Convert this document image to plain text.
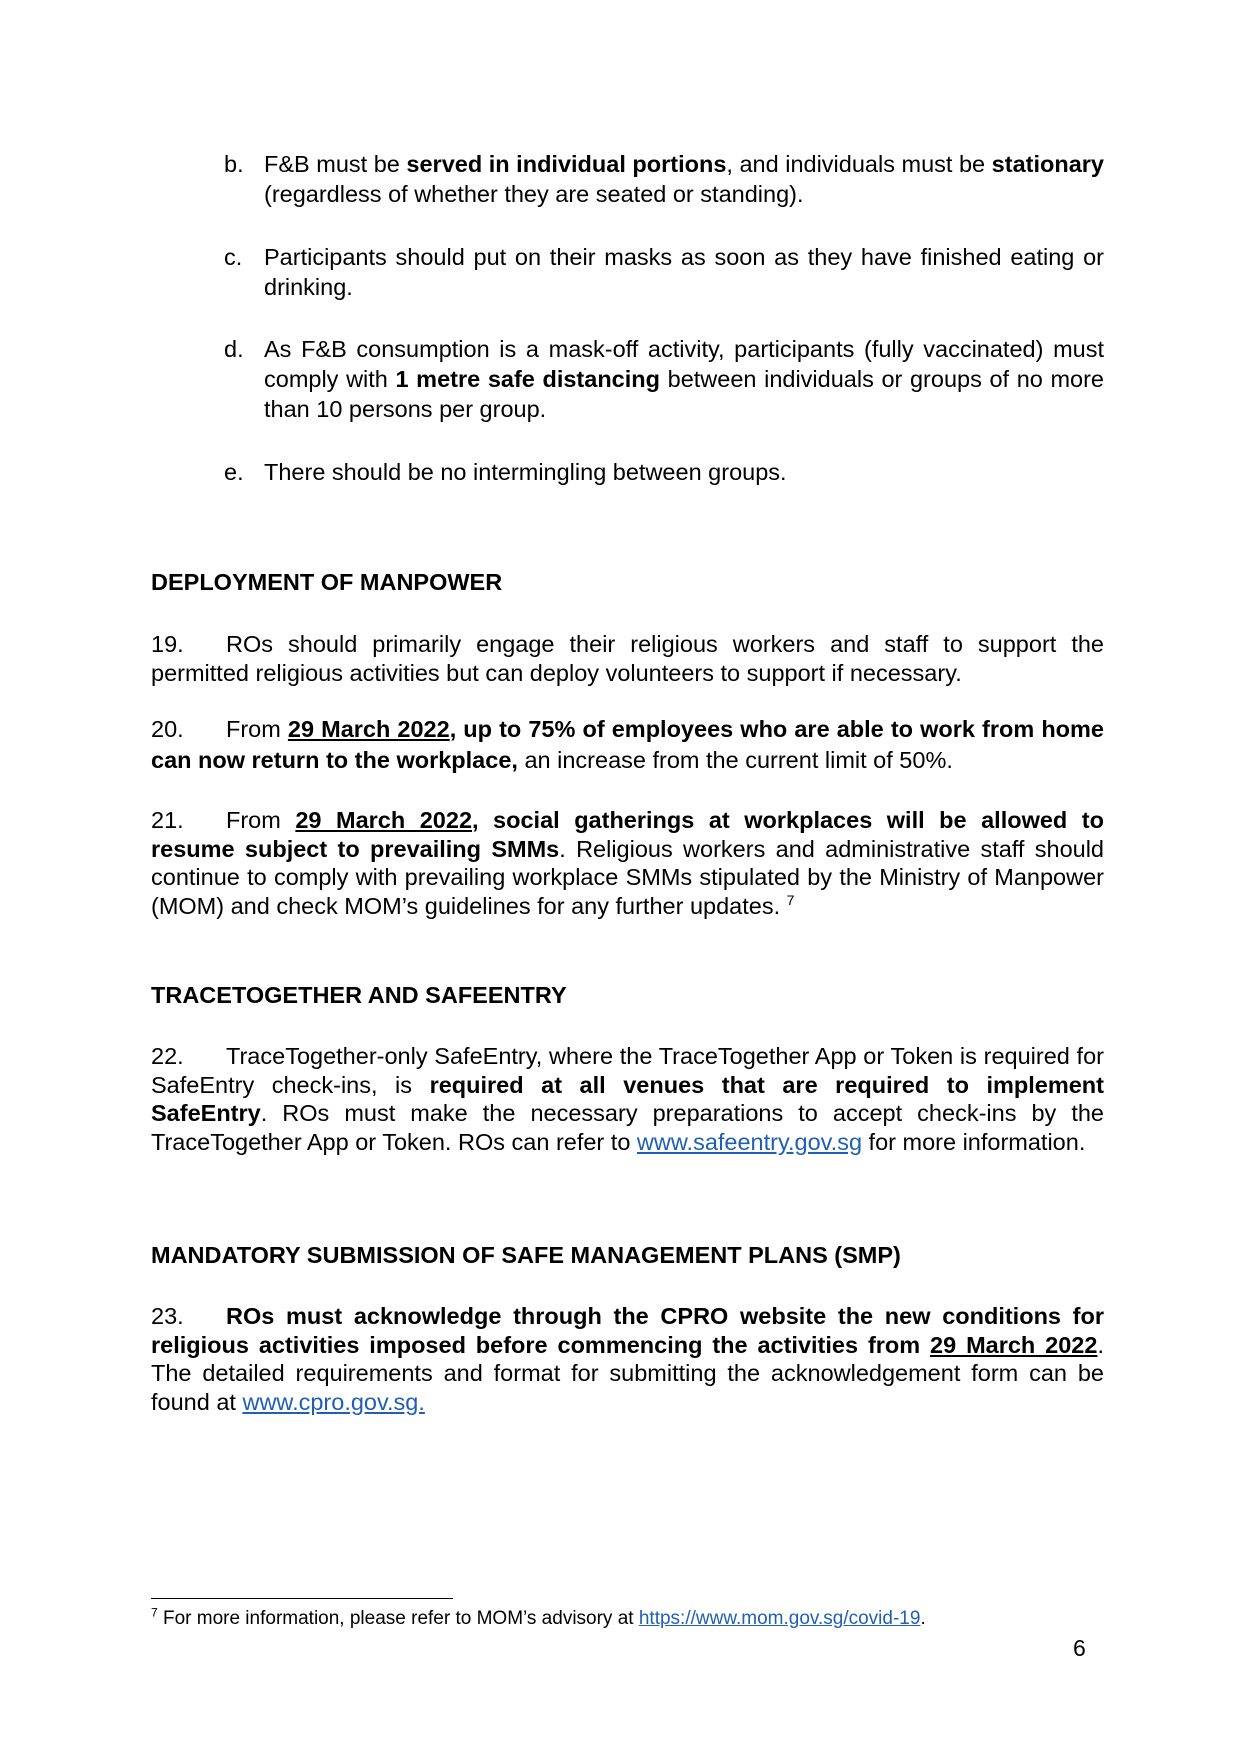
b. F&B must be served in individual portions, and individuals must be stationary (regardless of whether they are seated or standing).
c. Participants should put on their masks as soon as they have finished eating or drinking.
d. As F&B consumption is a mask-off activity, participants (fully vaccinated) must comply with 1 metre safe distancing between individuals or groups of no more than 10 persons per group.
e. There should be no intermingling between groups.
DEPLOYMENT OF MANPOWER
19. ROs should primarily engage their religious workers and staff to support the permitted religious activities but can deploy volunteers to support if necessary.
20. From 29 March 2022, up to 75% of employees who are able to work from home can now return to the workplace, an increase from the current limit of 50%.
21. From 29 March 2022, social gatherings at workplaces will be allowed to resume subject to prevailing SMMs. Religious workers and administrative staff should continue to comply with prevailing workplace SMMs stipulated by the Ministry of Manpower (MOM) and check MOM’s guidelines for any further updates. $^7$
TRACETOGETHER AND SAFEENTRY
22. TraceTogether-only SafeEntry, where the TraceTogether App or Token is required for SafeEntry check-ins, is required at all venues that are required to implement SafeEntry. ROs must make the necessary preparations to accept check-ins by the TraceTogether App or Token. ROs can refer to www.safeentry.gov.sg for more information.
MANDATORY SUBMISSION OF SAFE MANAGEMENT PLANS (SMP)
23. ROs must acknowledge through the CPRO website the new conditions for religious activities imposed before commencing the activities from 29 March 2022. The detailed requirements and format for submitting the acknowledgement form can be found at www.cpro.gov.sg.
$^7$ For more information, please refer to MOM’s advisory at https://www.mom.gov.sg/covid-19.
6
